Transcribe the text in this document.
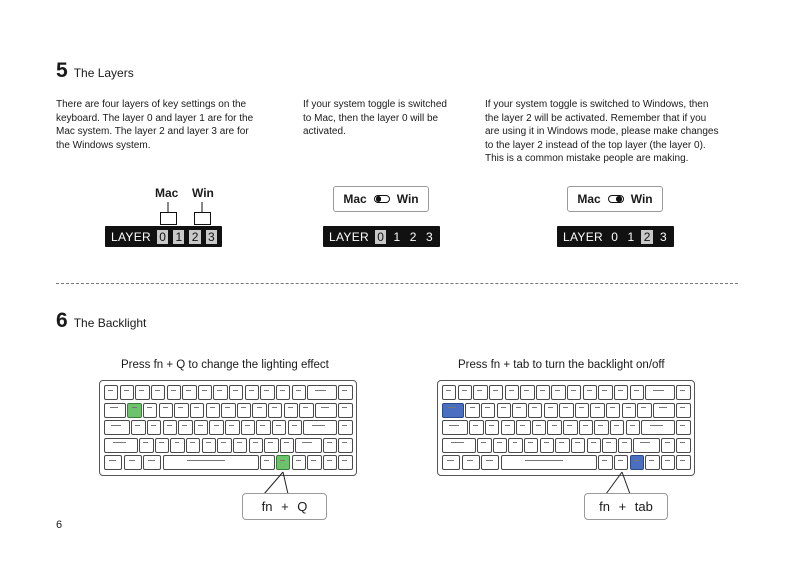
5 The Layers
There are four layers of key settings on the
keyboard. The layer 0 and layer 1 are for the
Mac system. The layer 2 and layer 3 are for
the Windows system.
If your system toggle is switched
to Mac, then the layer 0 will be
activated.
If your system toggle is switched to Windows, then
the layer 2 will be activated. Remember that if you
are using it in Windows mode, please make changes
to the layer 2 instead of the top layer (the layer 0).
This is a common mistake people are making.
Mac Win
LAYER 0 1 2 3
Mac	Win
LAYER 0 1 2 3
Mac	Win
LAYER 0 1 2 3
6 The Backlight
Press fn + Q to change the lighting effect	Press fn + tab to turn the backlight on/off
fn + Q	fn + tab
6
